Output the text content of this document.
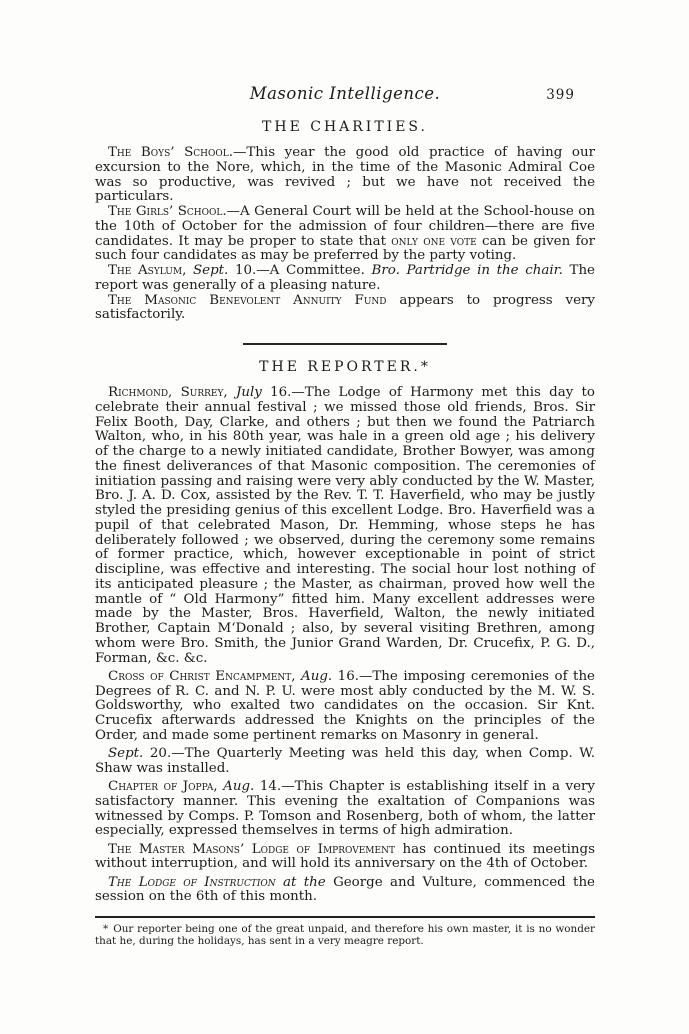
Masonic Intelligence.	399
THE CHARITIES.

The Boys’ School.—This year the good old practice of having our excursion to the Nore, which, in the time of the Masonic Admiral Coe was so productive, was revived ; but we have not received the particulars.

The Girls’ School.—A General Court will be held at the School-house on the 10th of October for the admission of four children—there are five candidates. It may be proper to state that only one vote can be given for such four candidates as may be preferred by the party voting.

The Asylum, Sept. 10.—A Committee. Bro. Partridge in the chair. The report was generally of a pleasing nature.

The Masonic Benevolent Annuity Fund appears to progress very satisfactorily.

THE REPORTER.*

Richmond, Surrey, July 16.—The Lodge of Harmony met this day to celebrate their annual festival ; we missed those old friends, Bros. Sir Felix Booth, Day, Clarke, and others ; but then we found the Patriarch Walton, who, in his 80th year, was hale in a green old age ; his delivery of the charge to a newly initiated candidate, Brother Bowyer, was among the finest deliverances of that Masonic composition. The ceremonies of initiation passing and raising were very ably conducted by the W. Master, Bro. J. A. D. Cox, assisted by the Rev. T. T. Haverfield, who may be justly styled the presiding genius of this excellent Lodge. Bro. Haverfield was a pupil of that celebrated Mason, Dr. Hemming, whose steps he has deliberately followed ; we observed, during the ceremony some remains of former practice, which, however exceptionable in point of strict discipline, was effective and interesting. The social hour lost nothing of its anticipated pleasure ; the Master, as chairman, proved how well the mantle of “ Old Harmony” fitted him. Many excellent addresses were made by the Master, Bros. Haverfield, Walton, the newly initiated Brother, Captain M‘Donald ; also, by several visiting Brethren, among whom were Bro. Smith, the Junior Grand Warden, Dr. Crucefix, P. G. D., Forman, &c. &c.

Cross of Christ Encampment, Aug. 16.—The imposing ceremonies of the Degrees of R. C. and N. P. U. were most ably conducted by the M. W. S. Goldsworthy, who exalted two candidates on the occasion. Sir Knt. Crucefix afterwards addressed the Knights on the principles of the Order, and made some pertinent remarks on Masonry in general.

Sept. 20.—The Quarterly Meeting was held this day, when Comp. W. Shaw was installed.

Chapter of Joppa, Aug. 14.—This Chapter is establishing itself in a very satisfactory manner. This evening the exaltation of Companions was witnessed by Comps. P. Tomson and Rosenberg, both of whom, the latter especially, expressed themselves in terms of high admiration.

The Master Masons’ Lodge of Improvement has continued its meetings without interruption, and will hold its anniversary on the 4th of October.

The Lodge of Instruction at the George and Vulture, commenced the session on the 6th of this month.

* Our reporter being one of the great unpaid, and therefore his own master, it is no wonder that he, during the holidays, has sent in a very meagre report.
